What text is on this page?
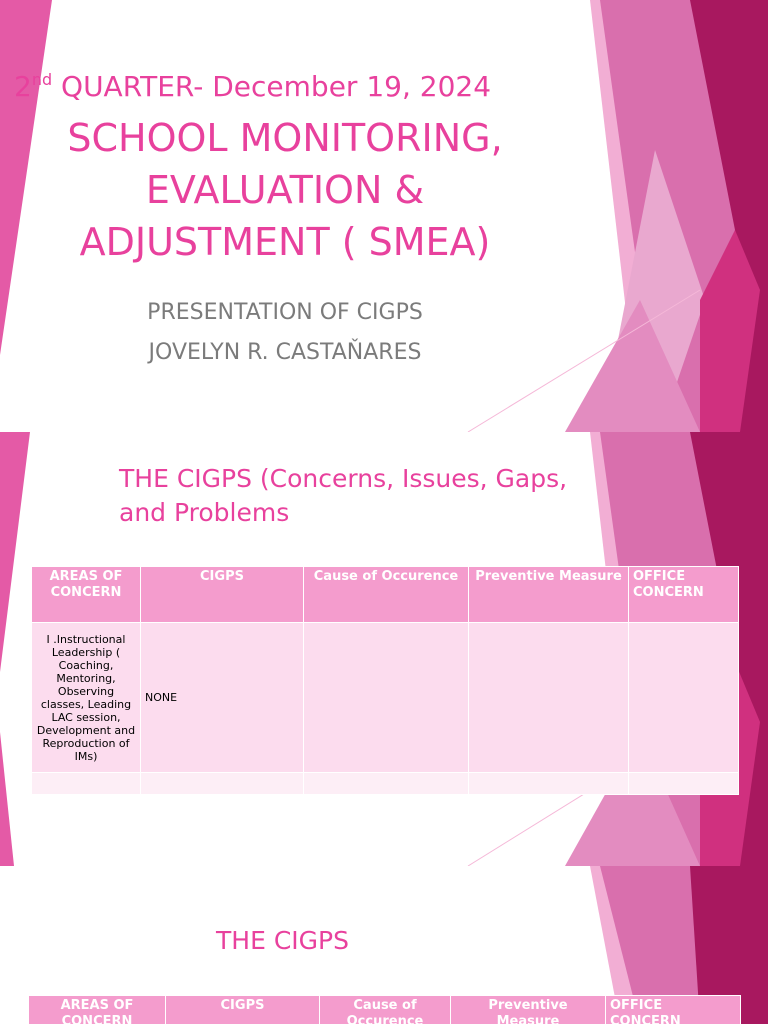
2nd QUARTER- December 19, 2024
SCHOOL MONITORING,
EVALUATION &
ADJUSTMENT ( SMEA)
PRESENTATION OF CIGPS
JOVELYN R. CASTAŇARES
THE CIGPS (Concerns, Issues, Gaps,
and Problems
AREAS OF CONCERN	CIGPS	Cause of Occurence	Preventive Measure	OFFICE CONCERN
I .Instructional Leadership ( Coaching, Mentoring, Observing classes, Leading LAC session, Development and Reproduction of IMs)	NONE			

THE CIGPS
AREAS OF CONCERN	CIGPS	Cause of Occurence	Preventive Measure	OFFICE CONCERN
